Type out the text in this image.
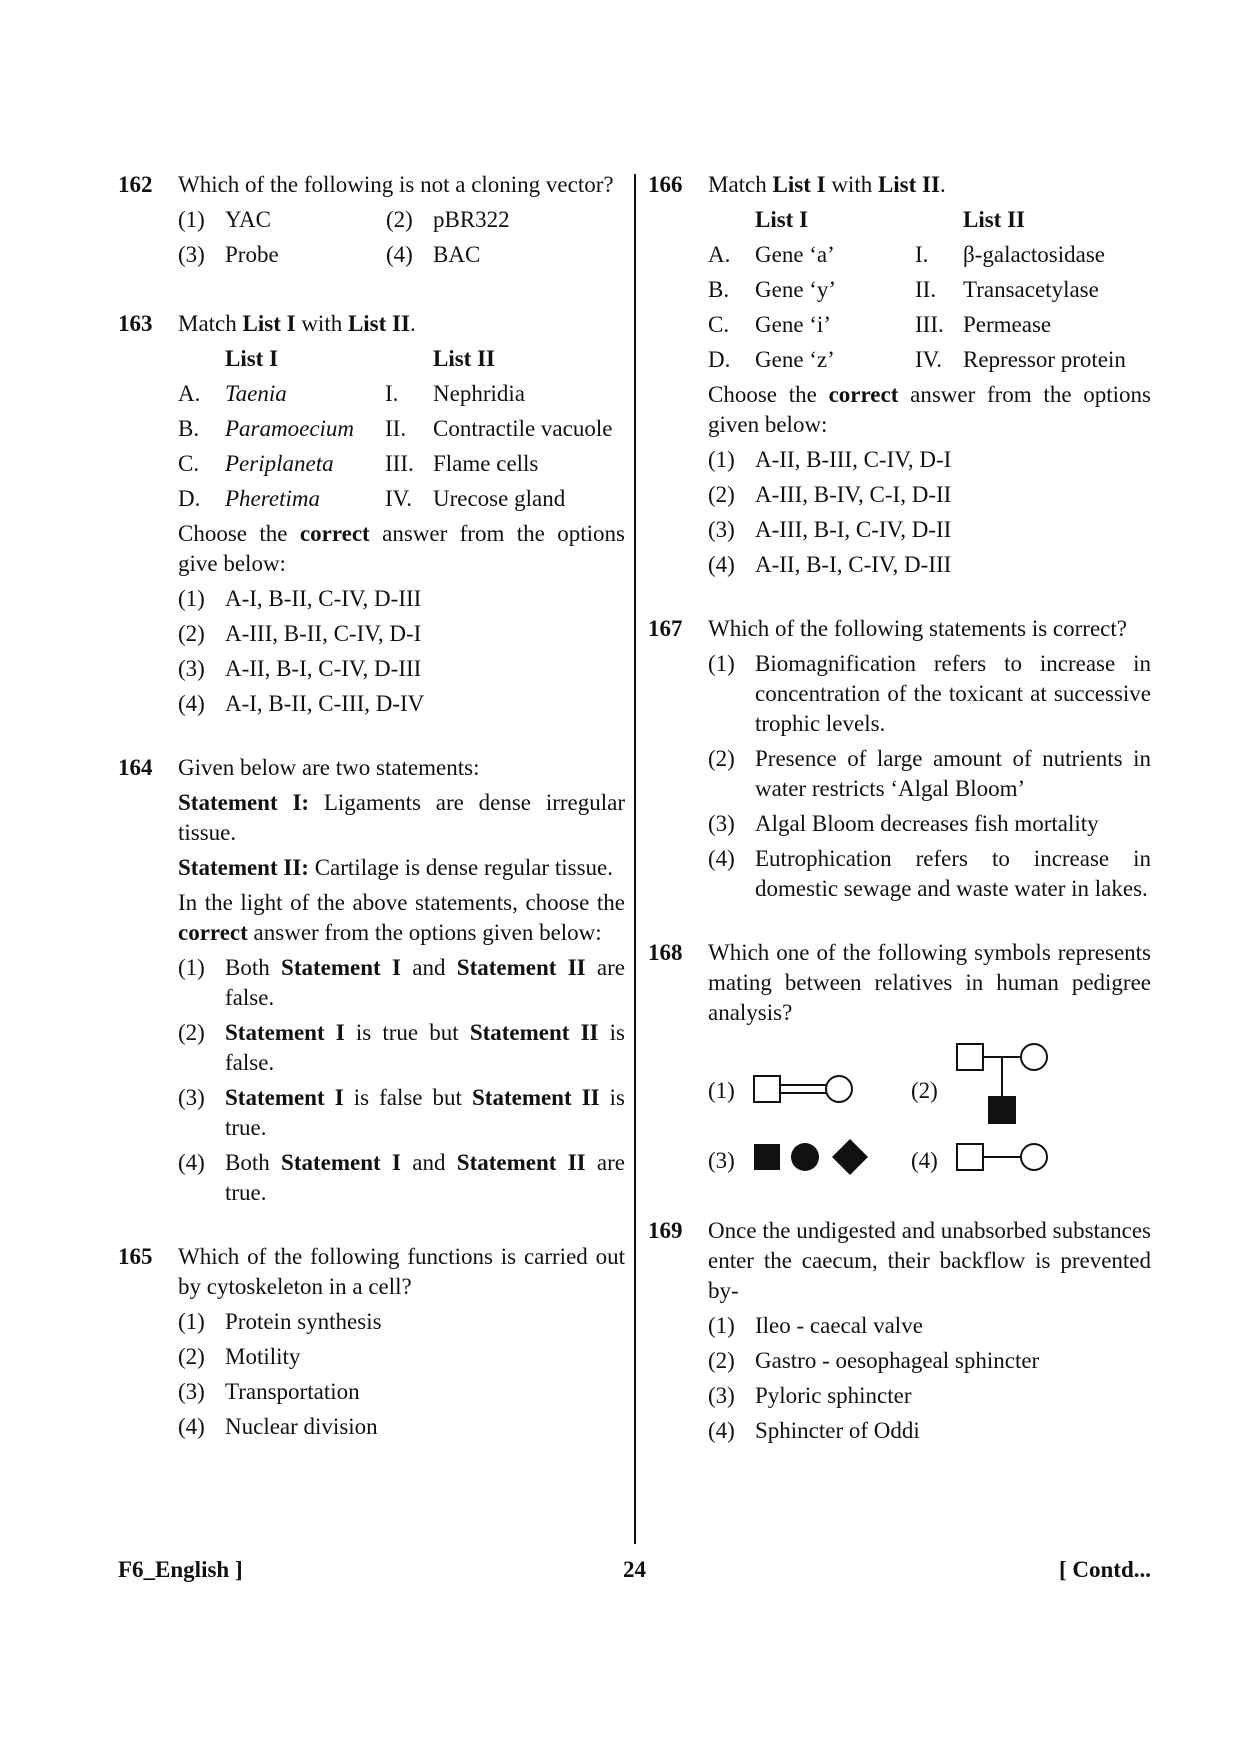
162 Which of the following is not a cloning vector?
(1) YAC	(2) pBR322
(3) Probe	(4) BAC
163 Match List I with List II.
List I	List II
A.	Taenia	I.	Nephridia
B.	Paramoecium	II.	Contractile vacuole
C.	Periplaneta	III. Flame cells
D.	Pheretima	IV. Urecose gland
Choose the correct answer from the options give below:
(1) A-I, B-II, C-IV, D-III
(2) A-III, B-II, C-IV, D-I
(3) A-II, B-I, C-IV, D-III
(4) A-I, B-II, C-III, D-IV
164 Given below are two statements:
Statement I: Ligaments are dense irregular tissue.
Statement II: Cartilage is dense regular tissue.
In the light of the above statements, choose the correct answer from the options given below:
(1) Both Statement I and Statement II are false.
(2) Statement I is true but Statement II is false.
(3) Statement I is false but Statement II is true.
(4) Both Statement I and Statement II are true.
165 Which of the following functions is carried out by cytoskeleton in a cell?
(1) Protein synthesis
(2) Motility
(3) Transportation
(4) Nuclear division
166 Match List I with List II.
List I	List II
A.	Gene ‘a’	I.	β-galactosidase
B.	Gene ‘y’	II.	Transacetylase
C.	Gene ‘i’	III. Permease
D.	Gene ‘z’	IV. Repressor protein
Choose the correct answer from the options given below:
(1) A-II, B-III, C-IV, D-I
(2) A-III, B-IV, C-I, D-II
(3) A-III, B-I, C-IV, D-II
(4) A-II, B-I, C-IV, D-III
167 Which of the following statements is correct?
(1) Biomagnification refers to increase in concentration of the toxicant at successive trophic levels.
(2) Presence of large amount of nutrients in water restricts ‘Algal Bloom’
(3) Algal Bloom decreases fish mortality
(4) Eutrophication refers to increase in domestic sewage and waste water in lakes.
168 Which one of the following symbols represents mating between relatives in human pedigree analysis?
(1)	(2)
(3)	(4)
169 Once the undigested and unabsorbed substances enter the caecum, their backflow is prevented by-
(1) Ileo - caecal valve
(2) Gastro - oesophageal sphincter
(3) Pyloric sphincter
(4) Sphincter of Oddi
24
F6_English ]	[ Contd...
